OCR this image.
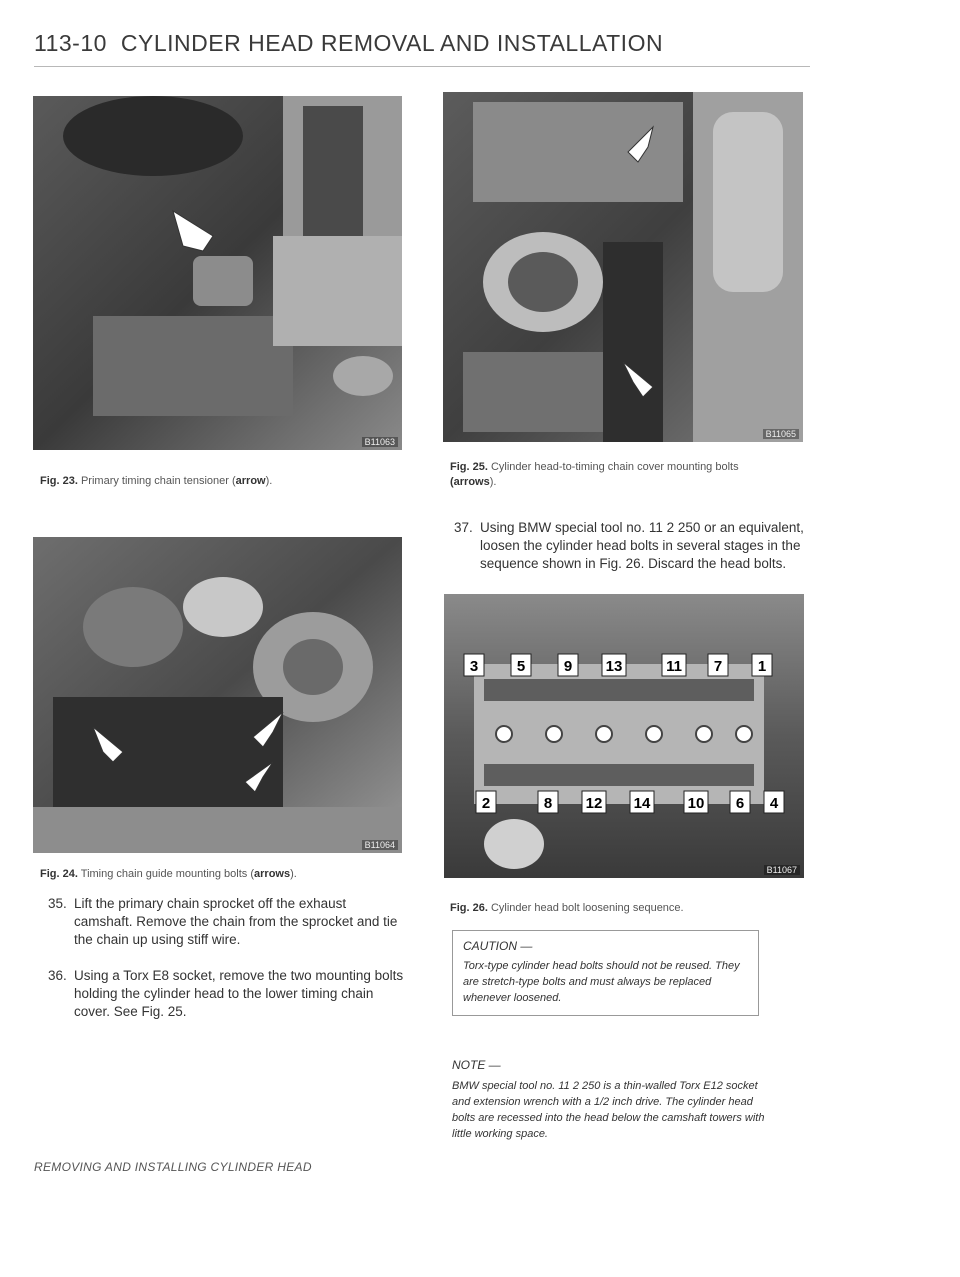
113-10 CYLINDER HEAD REMOVAL AND INSTALLATION
B11063
Fig. 23. Primary timing chain tensioner (arrow).
B11064
Fig. 24. Timing chain guide mounting bolts (arrows).
35. Lift the primary chain sprocket off the exhaust camshaft. Remove the chain from the sprocket and tie the chain up using stiff wire.
36. Using a Torx E8 socket, remove the two mounting bolts holding the cylinder head to the lower timing chain cover. See Fig. 25.
B11065
Fig. 25. Cylinder head-to-timing chain cover mounting bolts
(arrows).
37. Using BMW special tool no. 11 2 250 or an equivalent, loosen the cylinder head bolts in several stages in the sequence shown in Fig. 26. Discard the head bolts.
3	5	9 13	11 7 1
2	8 12 14 10 6 4
B11067
Fig. 26. Cylinder head bolt loosening sequence.
CAUTION —
Torx-type cylinder head bolts should not be reused. They are stretch-type bolts and must always be replaced whenever loosened.
NOTE —
BMW special tool no. 11 2 250 is a thin-walled Torx E12 socket and extension wrench with a 1/2 inch drive. The cylinder head bolts are recessed into the head below the camshaft towers with little working space.
REMOVING AND INSTALLING CYLINDER HEAD
